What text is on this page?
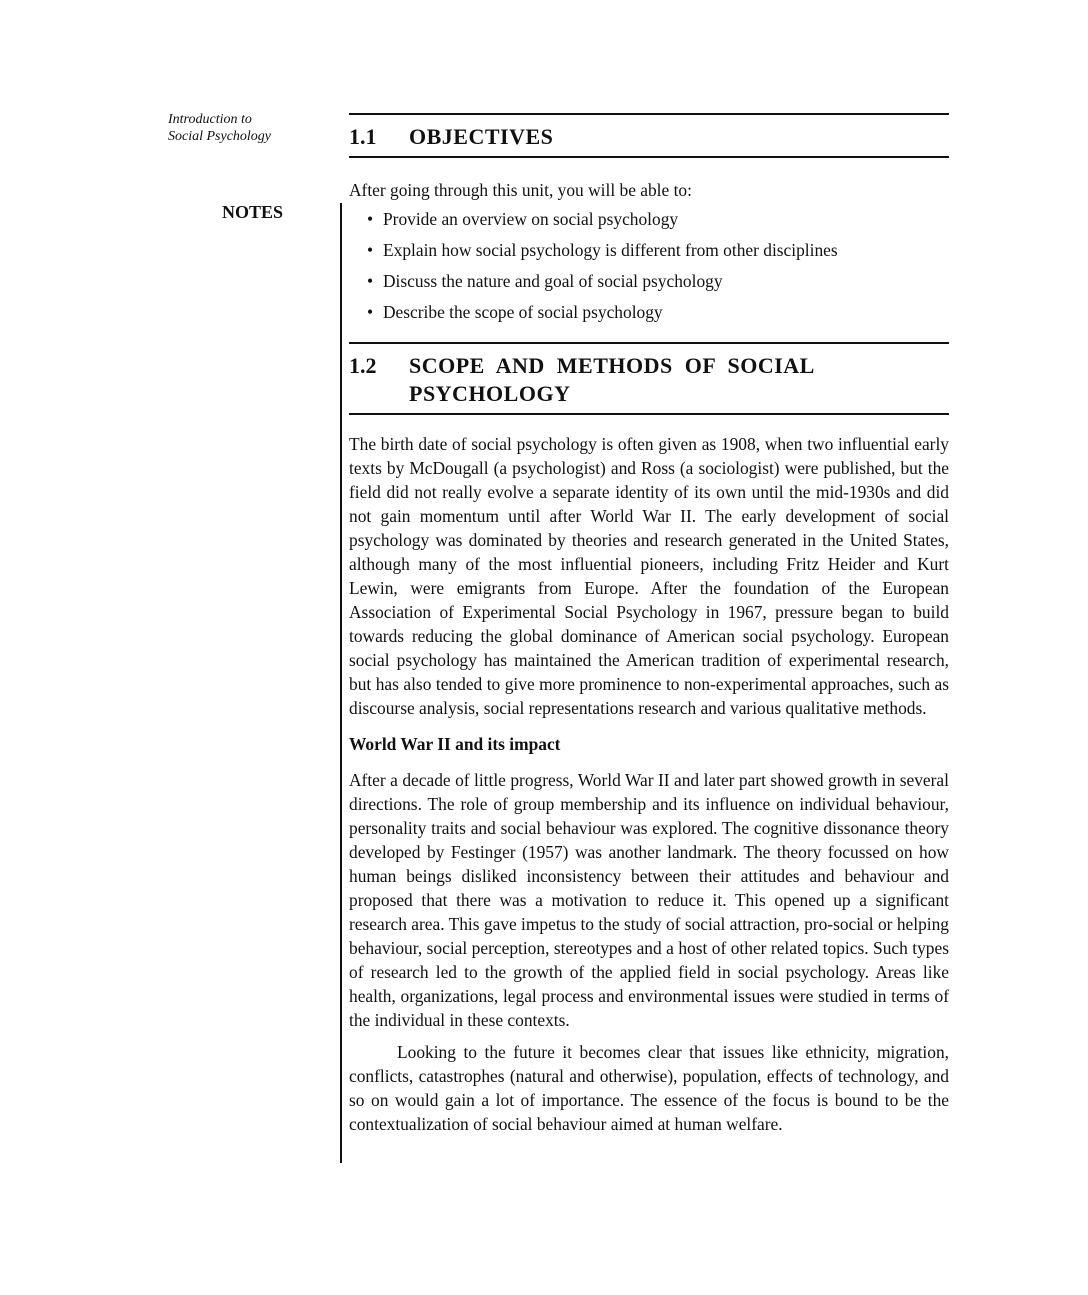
Introduction to
Social Psychology
NOTES
1.1	OBJECTIVES
After going through this unit, you will be able to:
• Provide an overview on social psychology
• Explain how social psychology is different from other disciplines
• Discuss the nature and goal of social psychology
• Describe the scope of social psychology
1.2	SCOPE AND METHODS OF SOCIAL
PSYCHOLOGY

The birth date of social psychology is often given as 1908, when two influential early texts by McDougall (a psychologist) and Ross (a sociologist) were published, but the field did not really evolve a separate identity of its own until the mid-1930s and did not gain momentum until after World War II. The early development of social psychology was dominated by theories and research generated in the United States, although many of the most influential pioneers, including Fritz Heider and Kurt Lewin, were emigrants from Europe. After the foundation of the European Association of Experimental Social Psychology in 1967, pressure began to build towards reducing the global dominance of American social psychology. European social psychology has maintained the American tradition of experimental research, but has also tended to give more prominence to non-experimental approaches, such as discourse analysis, social representations research and various qualitative methods.

World War II and its impact

After a decade of little progress, World War II and later part showed growth in several directions. The role of group membership and its influence on individual behaviour, personality traits and social behaviour was explored. The cognitive dissonance theory developed by Festinger (1957) was another landmark. The theory focussed on how human beings disliked inconsistency between their attitudes and behaviour and proposed that there was a motivation to reduce it. This opened up a significant research area. This gave impetus to the study of social attraction, pro-social or helping behaviour, social perception, stereotypes and a host of other related topics. Such types of research led to the growth of the applied field in social psychology. Areas like health, organizations, legal process and environmental issues were studied in terms of the individual in these contexts.

Looking to the future it becomes clear that issues like ethnicity, migration, conflicts, catastrophes (natural and otherwise), population, effects of technology, and so on would gain a lot of importance. The essence of the focus is bound to be the contextualization of social behaviour aimed at human welfare.
